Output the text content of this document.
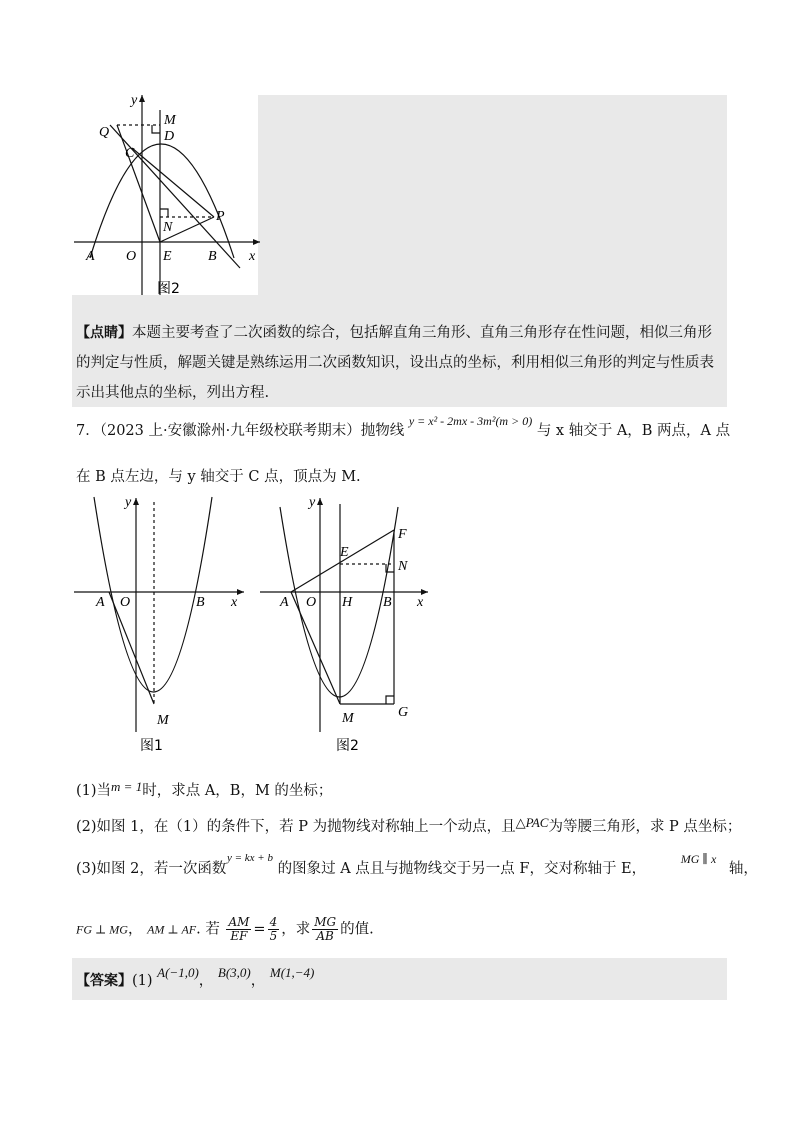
y
M
Q	D
C
N
P
A O E	B x
图2
【点睛】本题主要考查了二次函数的综合，包括解直角三角形、直角三角形存在性问题，相似三角形的判定与性质，解题关键是熟练运用二次函数知识，设出点的坐标，利用相似三角形的判定与性质表示出其他点的坐标，列出方程.
7．（2023 上·安徽滁州·九年级校联考期末）抛物线 $^{y = x^2 - 2mx - 3m^2(m > 0)}$ 与 x 轴交于 A，B 两点，A 点
在 B 点左边，与 y 轴交于 C 点，顶点为 M.
y
A O	B x
M
图1
y
E
F
N
A O H B x
M	G
图2
(1)当m = 1时，求点 A，B，M 的坐标；
(2)如图 1，在（1）的条件下，若 P 为抛物线对称轴上一个动点，且△PAC为等腰三角形，求 P 点坐标；
(3)如图 2，若一次函数 $^{y = kx + b}$ 的图象过 A 点且与抛物线交于另一点 F，交对称轴于 E， $^{MG \parallel x}$ 轴，
FG ⊥ MG， AM ⊥ AF. 若 $\frac{AM}{EF} = \frac{4}{5}$ ，求 $\frac{MG}{AB}$ 的值.
【答案】(1) A(−1,0)， B(3,0)， M(1,−4)
